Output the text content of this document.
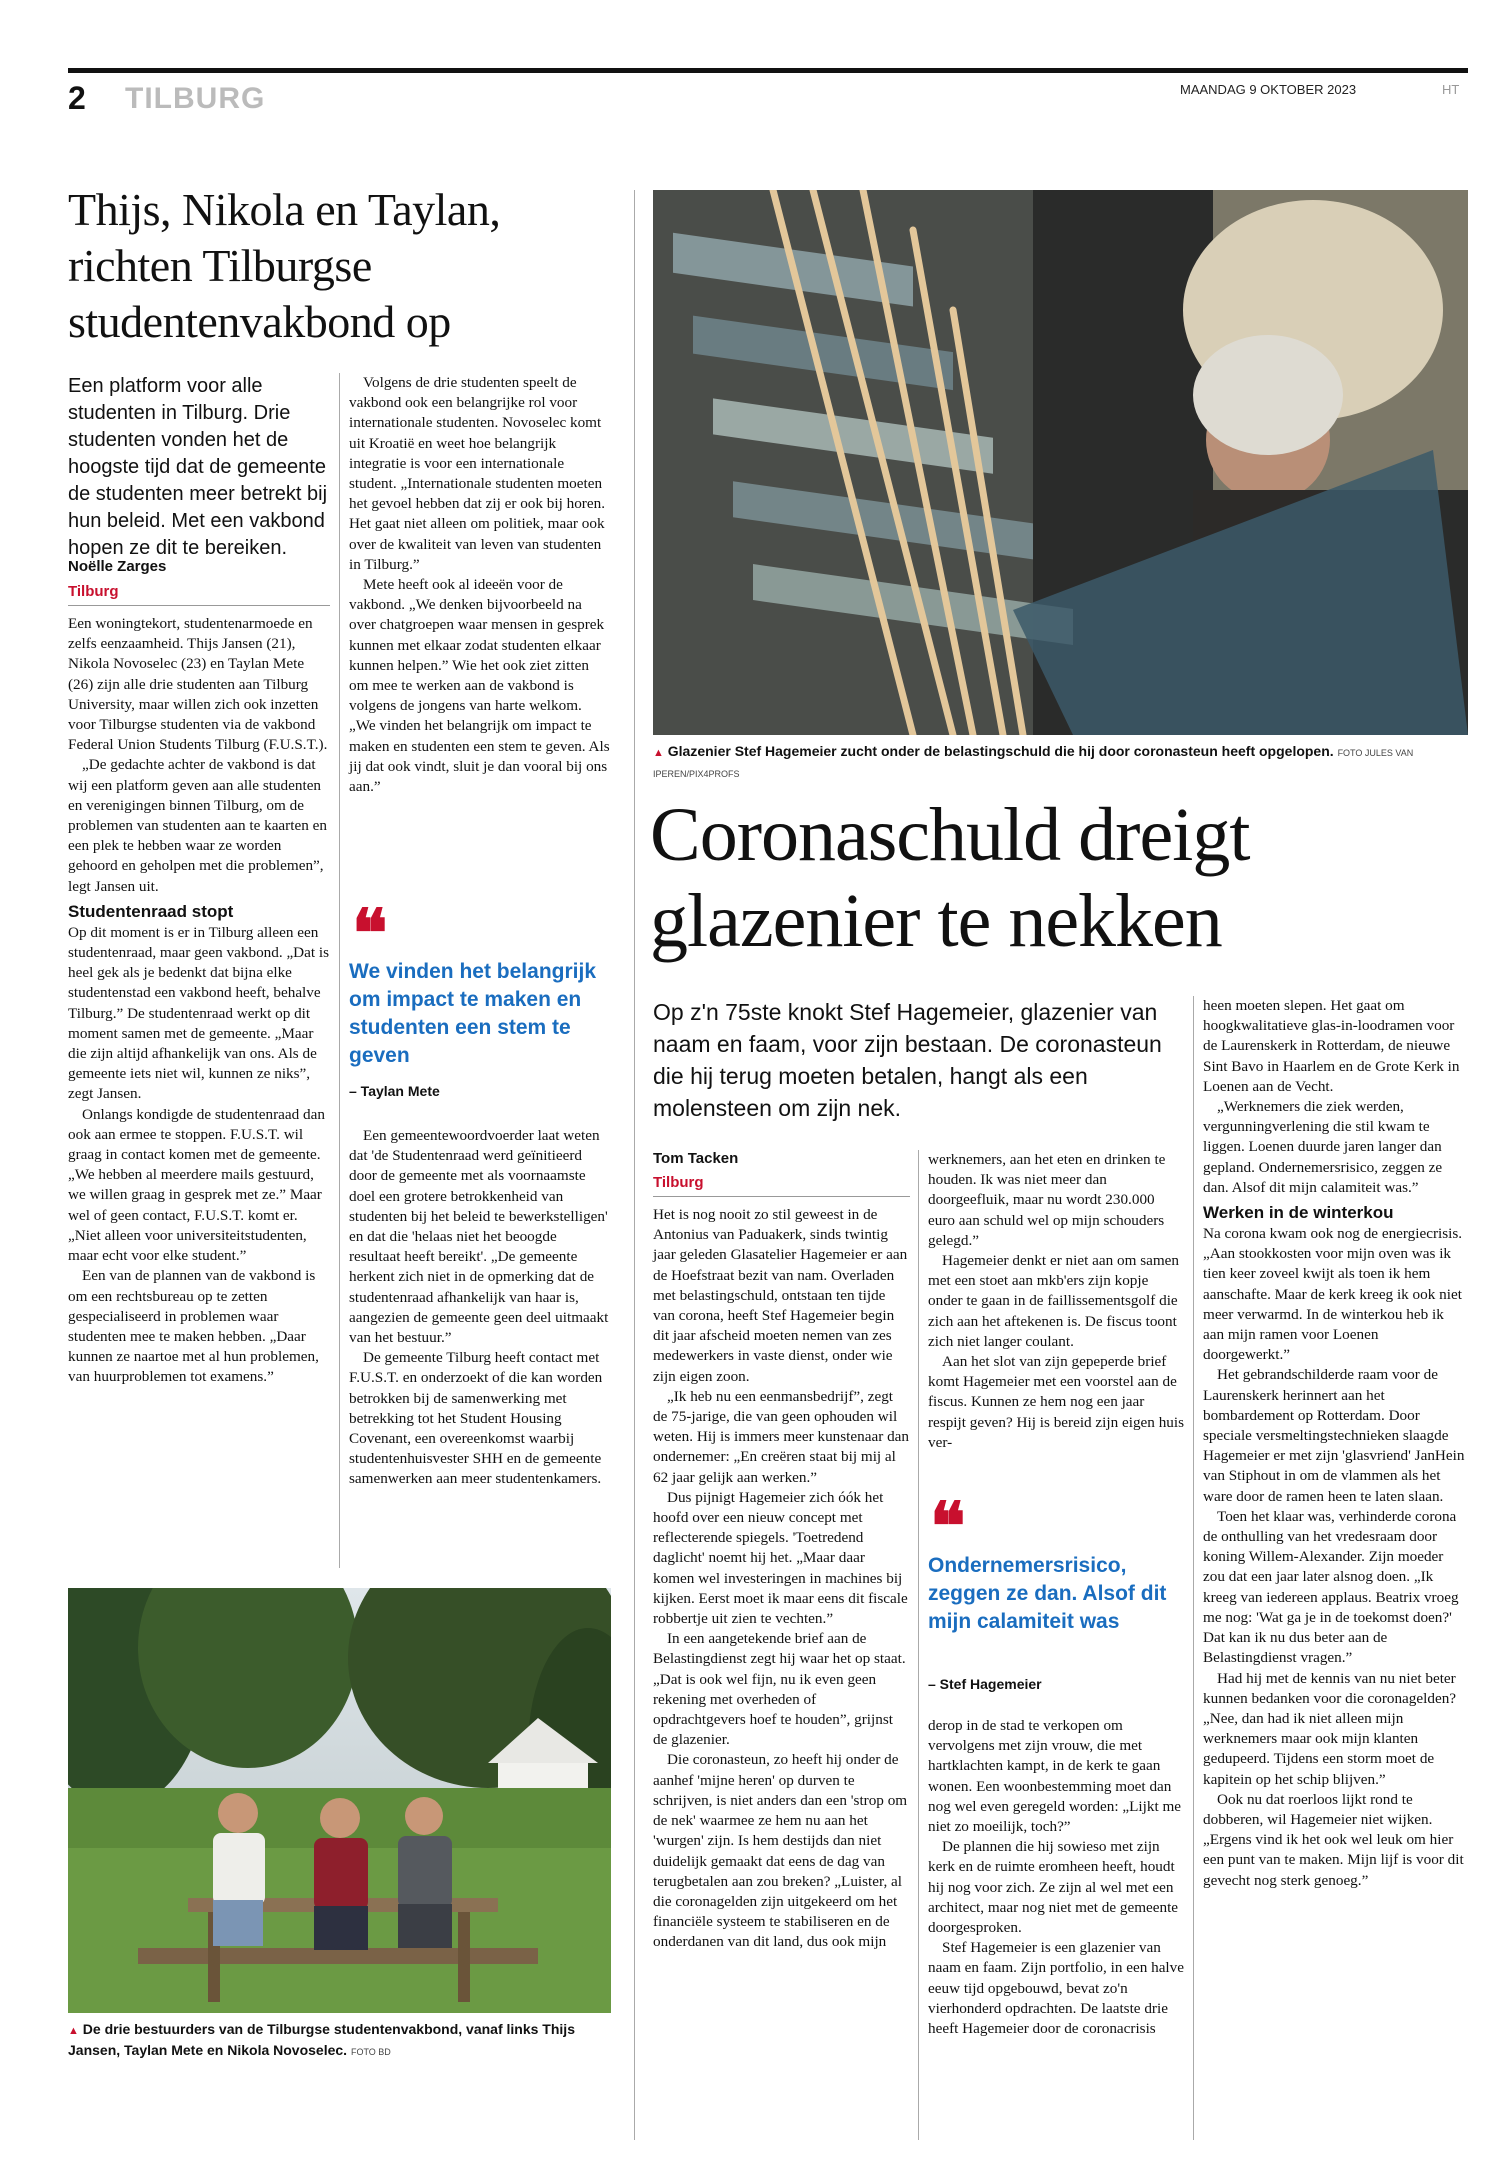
2 TILBURG	MAANDAG 9 OKTOBER 2023	HT
Thijs, Nikola en Taylan, richten Tilburgse studentenvakbond op
Een platform voor alle studenten in Tilburg. Drie studenten vonden het de hoogste tijd dat de gemeente de studenten meer betrekt bij hun beleid. Met een vakbond hopen ze dit te bereiken.
Noëlle Zarges
Tilburg

Een woningtekort, studentenarmoede en zelfs eenzaamheid. Thijs Jansen (21), Nikola Novoselec (23) en Taylan Mete (26) zijn alle drie studenten aan Tilburg University, maar willen zich ook inzetten voor Tilburgse studenten via de vakbond Federal Union Students Tilburg (F.U.S.T.).

„De gedachte achter de vakbond is dat wij een platform geven aan alle studenten en verenigingen binnen Tilburg, om de problemen van studenten aan te kaarten en een plek te hebben waar ze worden gehoord en geholpen met die problemen”, legt Jansen uit.

Studentenraad stopt

Op dit moment is er in Tilburg alleen een studentenraad, maar geen vakbond. „Dat is heel gek als je bedenkt dat bijna elke studentenstad een vakbond heeft, behalve Tilburg.” De studentenraad werkt op dit moment samen met de gemeente. „Maar die zijn altijd afhankelijk van ons. Als de gemeente iets niet wil, kunnen ze niks”, zegt Jansen.

Onlangs kondigde de studentenraad dan ook aan ermee te stoppen. F.U.S.T. wil graag in contact komen met de gemeente. „We hebben al meerdere mails gestuurd, we willen graag in gesprek met ze.” Maar wel of geen contact, F.U.S.T. komt er. „Niet alleen voor universiteitstudenten, maar echt voor elke student.”

Een van de plannen van de vakbond is om een rechtsbureau op te zetten gespecialiseerd in problemen waar studenten mee te maken hebben. „Daar kunnen ze naartoe met al hun problemen, van huurproblemen tot examens.”

Volgens de drie studenten speelt de vakbond ook een belangrijke rol voor internationale studenten. Novoselec komt uit Kroatië en weet hoe belangrijk integratie is voor een internationale student. „Internationale studenten moeten het gevoel hebben dat zij er ook bij horen. Het gaat niet alleen om politiek, maar ook over de kwaliteit van leven van studenten in Tilburg.”

Mete heeft ook al ideeën voor de vakbond. „We denken bijvoorbeeld na over chatgroepen waar mensen in gesprek kunnen met elkaar zodat studenten elkaar kunnen helpen.” Wie het ook ziet zitten om mee te werken aan de vakbond is volgens de jongens van harte welkom. „We vinden het belangrijk om impact te maken en studenten een stem te geven. Als jij dat ook vindt, sluit je dan vooral bij ons aan.”

❝
We vinden het belangrijk om impact te maken en studenten een stem te geven
– Taylan Mete

Een gemeentewoordvoerder laat weten dat 'de Studentenraad werd geïnitieerd door de gemeente met als voornaamste doel een grotere betrokkenheid van studenten bij het beleid te bewerkstelligen' en dat die 'helaas niet het beoogde resultaat heeft bereikt'. „De gemeente herkent zich niet in de opmerking dat de studentenraad afhankelijk van haar is, aangezien de gemeente geen deel uitmaakt van het bestuur.”

De gemeente Tilburg heeft contact met F.U.S.T. en onderzoekt of die kan worden betrokken bij de samenwerking met betrekking tot het Student Housing Covenant, een overeenkomst waarbij studentenhuisvester SHH en de gemeente samenwerken aan meer studentenkamers.

▲ De drie bestuurders van de Tilburgse studentenvakbond, vanaf links Thijs Jansen, Taylan Mete en Nikola Novoselec. FOTO BD
▲ Glazenier Stef Hagemeier zucht onder de belastingschuld die hij door coronasteun heeft opgelopen. FOTO JULES VAN IPEREN/PIX4PROFS
Coronaschuld dreigt glazenier te nekken
Op z'n 75ste knokt Stef Hagemeier, glazenier van naam en faam, voor zijn bestaan. De coronasteun die hij terug moeten betalen, hangt als een molensteen om zijn nek.
Tom Tacken
Tilburg

Het is nog nooit zo stil geweest in de Antonius van Paduakerk, sinds twintig jaar geleden Glasatelier Hagemeier er aan de Hoefstraat bezit van nam. Overladen met belastingschuld, ontstaan ten tijde van corona, heeft Stef Hagemeier begin dit jaar afscheid moeten nemen van zes medewerkers in vaste dienst, onder wie zijn eigen zoon.

„Ik heb nu een eenmansbedrijf”, zegt de 75-jarige, die van geen ophouden wil weten. Hij is immers meer kunstenaar dan ondernemer: „En creëren staat bij mij al 62 jaar gelijk aan werken.”

Dus pijnigt Hagemeier zich óók het hoofd over een nieuw concept met reflecterende spiegels. 'Toetredend daglicht' noemt hij het. „Maar daar komen wel investeringen in machines bij kijken. Eerst moet ik maar eens dit fiscale robbertje uit zien te vechten.”

In een aangetekende brief aan de Belastingdienst zegt hij waar het op staat. „Dat is ook wel fijn, nu ik even geen rekening met overheden of opdrachtgevers hoef te houden”, grijnst de glazenier.

Die coronasteun, zo heeft hij onder de aanhef 'mijne heren' op durven te schrijven, is niet anders dan een 'strop om de nek' waarmee ze hem nu aan het 'wurgen' zijn. Is hem destijds dan niet duidelijk gemaakt dat eens de dag van terugbetalen aan zou breken? „Luister, al die coronagelden zijn uitgekeerd om het financiële systeem te stabiliseren en de onderdanen van dit land, dus ook mijn

werknemers, aan het eten en drinken te houden. Ik was niet meer dan doorgeefluik, maar nu wordt 230.000 euro aan schuld wel op mijn schouders gelegd.”

Hagemeier denkt er niet aan om samen met een stoet aan mkb'ers zijn kopje onder te gaan in de faillissementsgolf die zich aan het aftekenen is. De fiscus toont zich niet langer coulant.

Aan het slot van zijn gepeperde brief komt Hagemeier met een voorstel aan de fiscus. Kunnen ze hem nog een jaar respijt geven? Hij is bereid zijn eigen huis ver-

❝
Ondernemersrisico, zeggen ze dan. Alsof dit mijn calamiteit was
– Stef Hagemeier

derop in de stad te verkopen om vervolgens met zijn vrouw, die met hartklachten kampt, in de kerk te gaan wonen. Een woonbestemming moet dan nog wel even geregeld worden: „Lijkt me niet zo moeilijk, toch?”

De plannen die hij sowieso met zijn kerk en de ruimte eromheen heeft, houdt hij nog voor zich. Ze zijn al wel met een architect, maar nog niet met de gemeente doorgesproken.

Stef Hagemeier is een glazenier van naam en faam. Zijn portfolio, in een halve eeuw tijd opgebouwd, bevat zo'n vierhonderd opdrachten. De laatste drie heeft Hagemeier door de coronacrisis

heen moeten slepen. Het gaat om hoogkwalitatieve glas-in-loodramen voor de Laurenskerk in Rotterdam, de nieuwe Sint Bavo in Haarlem en de Grote Kerk in Loenen aan de Vecht.

„Werknemers die ziek werden, vergunningverlening die stil kwam te liggen. Loenen duurde jaren langer dan gepland. Ondernemersrisico, zeggen ze dan. Alsof dit mijn calamiteit was.”

Werken in de winterkou

Na corona kwam ook nog de energiecrisis. „Aan stookkosten voor mijn oven was ik tien keer zoveel kwijt als toen ik hem aanschafte. Maar de kerk kreeg ik ook niet meer verwarmd. In de winterkou heb ik aan mijn ramen voor Loenen doorgewerkt.”

Het gebrandschilderde raam voor de Laurenskerk herinnert aan het bombardement op Rotterdam. Door speciale versmeltingstechnieken slaagde Hagemeier er met zijn 'glasvriend' JanHein van Stiphout in om de vlammen als het ware door de ramen heen te laten slaan.

Toen het klaar was, verhinderde corona de onthulling van het vredesraam door koning Willem-Alexander. Zijn moeder zou dat een jaar later alsnog doen. „Ik kreeg van iedereen applaus. Beatrix vroeg me nog: 'Wat ga je in de toekomst doen?' Dat kan ik nu dus beter aan de Belastingdienst vragen.”

Had hij met de kennis van nu niet beter kunnen bedanken voor die coronagelden? „Nee, dan had ik niet alleen mijn werknemers maar ook mijn klanten gedupeerd. Tijdens een storm moet de kapitein op het schip blijven.”

Ook nu dat roerloos lijkt rond te dobberen, wil Hagemeier niet wijken. „Ergens vind ik het ook wel leuk om hier een punt van te maken. Mijn lijf is voor dit gevecht nog sterk genoeg.”
